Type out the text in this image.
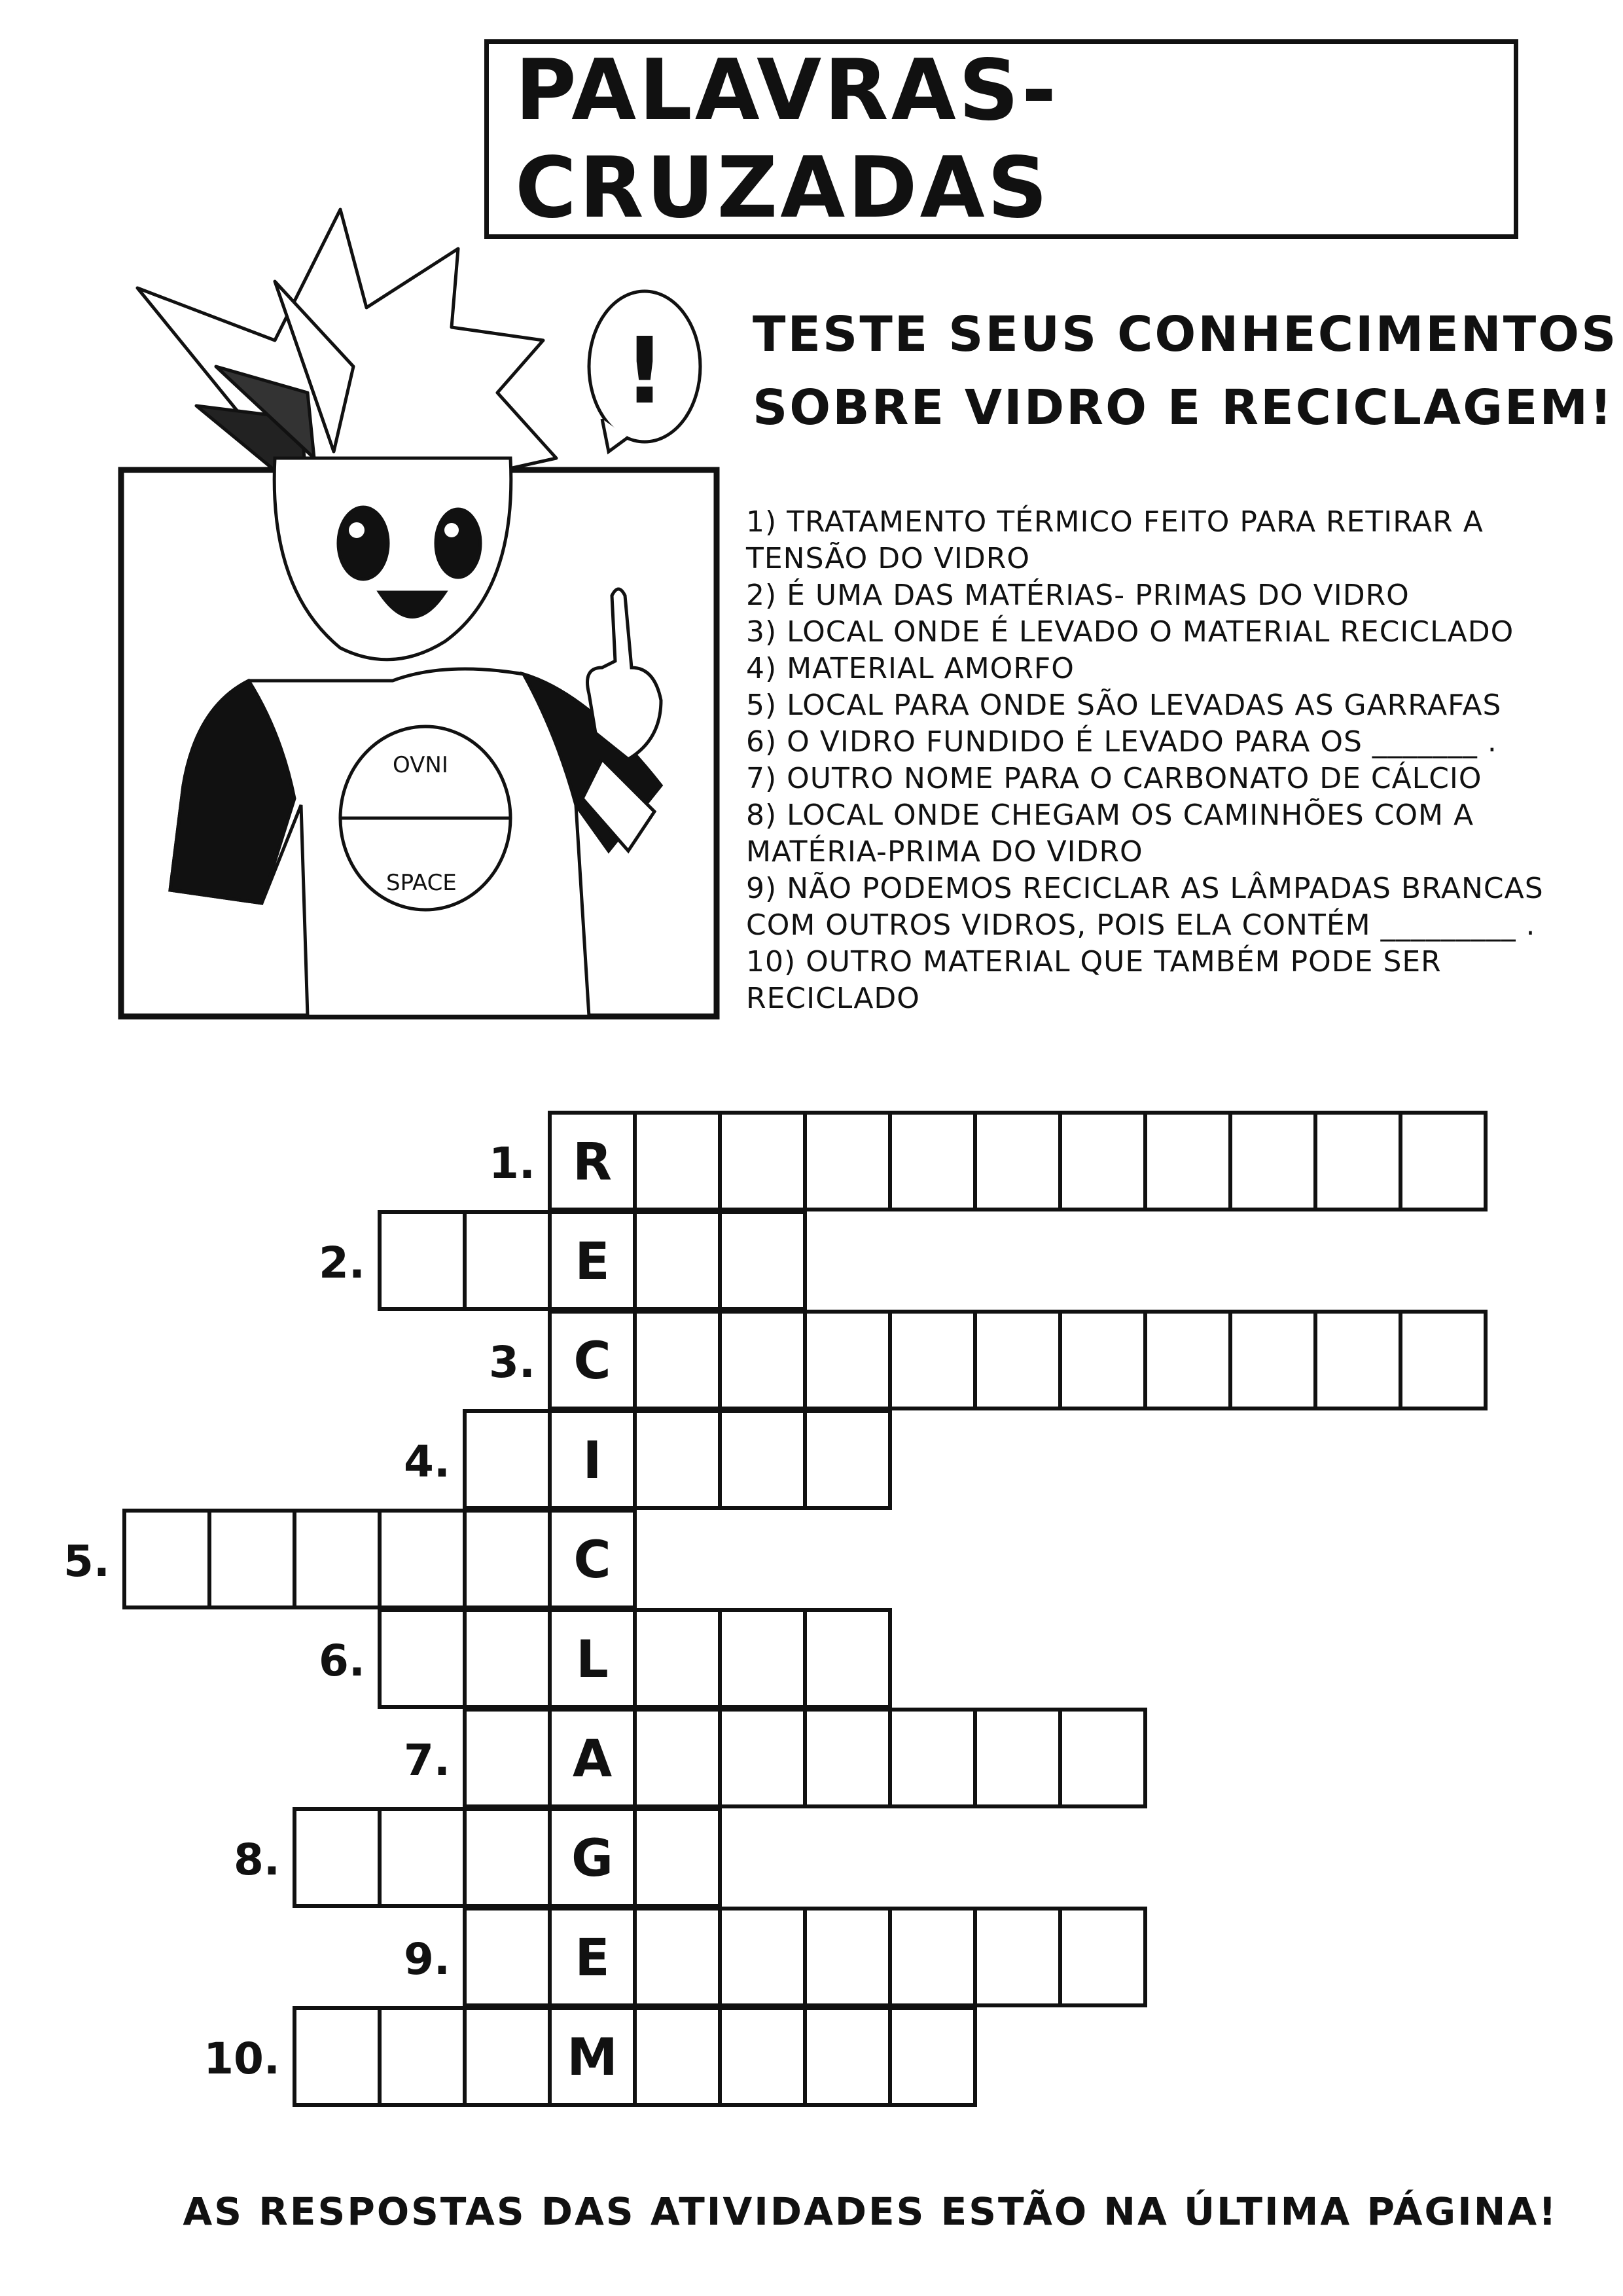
PALAVRAS-CRUZADAS
TESTE SEUS CONHECIMENTOS
SOBRE VIDRO E RECICLAGEM!
OVNI
SPACE
!
1) TRATAMENTO TÉRMICO FEITO PARA RETIRAR A
TENSÃO DO VIDRO
2) É UMA DAS MATÉRIAS- PRIMAS DO VIDRO
3) LOCAL ONDE É LEVADO O MATERIAL RECICLADO
4) MATERIAL AMORFO
5) LOCAL PARA ONDE SÃO LEVADAS AS GARRAFAS
6) O VIDRO FUNDIDO É LEVADO PARA OS _______ .
7) OUTRO NOME PARA O CARBONATO DE CÁLCIO
8) LOCAL ONDE CHEGAM OS CAMINHÕES COM A
MATÉRIA-PRIMA DO VIDRO
9) NÃO PODEMOS RECICLAR AS LÂMPADAS BRANCAS
COM OUTROS VIDROS, POIS ELA CONTÉM _________ .
10) OUTRO MATERIAL QUE TAMBÉM PODE SER
RECICLADO
R
1.
E
2.
C
3.
I
4.
C
5.
L
6.
A
7.
G
8.
E
9.
M
10.
AS RESPOSTAS DAS ATIVIDADES ESTÃO NA ÚLTIMA PÁGINA!
